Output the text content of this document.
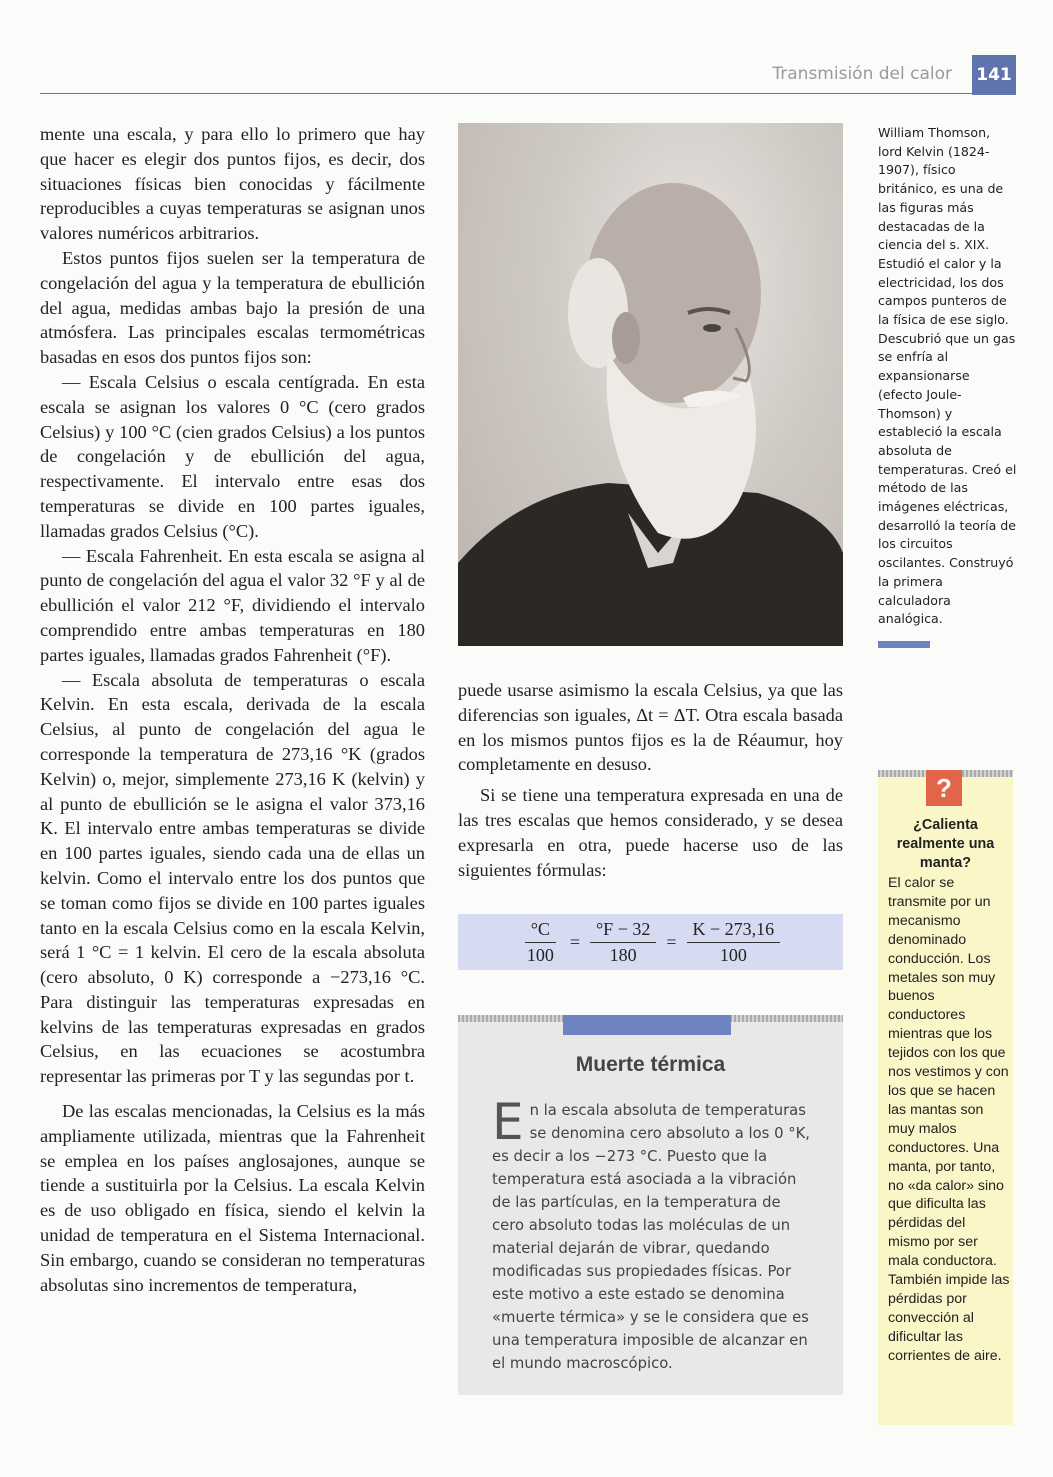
Transmisión del calor 141

mente una escala, y para ello lo primero que hay que hacer es elegir dos puntos fijos, es decir, dos situaciones físicas bien conocidas y fácilmente reproducibles a cuyas temperaturas se asignan unos valores numéricos arbitrarios.

Estos puntos fijos suelen ser la temperatura de congelación del agua y la temperatura de ebullición del agua, medidas ambas bajo la presión de una atmósfera. Las principales escalas termométricas basadas en esos dos puntos fijos son:

— Escala Celsius o escala centígrada. En esta escala se asignan los valores 0 °C (cero grados Celsius) y 100 °C (cien grados Celsius) a los puntos de congelación y de ebullición del agua, respectivamente. El intervalo entre esas dos temperaturas se divide en 100 partes iguales, llamadas grados Celsius (°C).

— Escala Fahrenheit. En esta escala se asigna al punto de congelación del agua el valor 32 °F y al de ebullición el valor 212 °F, dividiendo el intervalo comprendido entre ambas temperaturas en 180 partes iguales, llamadas grados Fahrenheit (°F).

— Escala absoluta de temperaturas o escala Kelvin. En esta escala, derivada de la escala Celsius, al punto de congelación del agua le corresponde la temperatura de 273,16 °K (grados Kelvin) o, mejor, simplemente 273,16 K (kelvin) y al punto de ebullición se le asigna el valor 373,16 K. El intervalo entre ambas temperaturas se divide en 100 partes iguales, siendo cada una de ellas un kelvin. Como el intervalo entre los dos puntos que se toman como fijos se divide en 100 partes iguales tanto en la escala Celsius como en la escala Kelvin, será 1 °C = 1 kelvin. El cero de la escala absoluta (cero absoluto, 0 K) corresponde a −273,16 °C. Para distinguir las temperaturas expresadas en kelvins de las temperaturas expresadas en grados Celsius, en las ecuaciones se acostumbra representar las primeras por T y las segundas por t.

De las escalas mencionadas, la Celsius es la más ampliamente utilizada, mientras que la Fahrenheit se emplea en los países anglosajones, aunque se tiende a sustituirla por la Celsius. La escala Kelvin es de uso obligado en física, siendo el kelvin la unidad de temperatura en el Sistema Internacional. Sin embargo, cuando se consideran no temperaturas absolutas sino incrementos de temperatura,

William Thomson, lord Kelvin (1824-1907), físico británico, es una de las figuras más destacadas de la ciencia del s. XIX. Estudió el calor y la electricidad, los dos campos punteros de la física de ese siglo. Descubrió que un gas se enfría al expansionarse (efecto Joule-Thomson) y estableció la escala absoluta de temperaturas. Creó el método de las imágenes eléctricas, desarrolló la teoría de los circuitos oscilantes. Construyó la primera calculadora analógica.

puede usarse asimismo la escala Celsius, ya que las diferencias son iguales, Δt = ΔT. Otra escala basada en los mismos puntos fijos es la de Réaumur, hoy completamente en desuso.

Si se tiene una temperatura expresada en una de las tres escalas que hemos considerado, y se desea expresarla en otra, puede hacerse uso de las siguientes fórmulas:

$\frac{^\circ C}{100} = \frac{^\circ F - 32}{180} = \frac{K - 273,16}{100}$
Muerte térmica
E n la escala absoluta de temperaturas se denomina cero absoluto a los 0 °K, es decir a los −273 °C. Puesto que la temperatura está asociada a la vibración de las partículas, en la temperatura de cero absoluto todas las moléculas de un material dejarán de vibrar, quedando modificadas sus propiedades físicas. Por este motivo a este estado se denomina «muerte térmica» y se le considera que es una temperatura imposible de alcanzar en el mundo macroscópico.
?
¿Calienta realmente una manta?
El calor se transmite por un mecanismo denominado conducción. Los metales son muy buenos conductores mientras que los tejidos con los que nos vestimos y con los que se hacen las mantas son muy malos conductores. Una manta, por tanto, no «da calor» sino que dificulta las pérdidas del mismo por ser mala conductora. También impide las pérdidas por convección al dificultar las corrientes de aire.
